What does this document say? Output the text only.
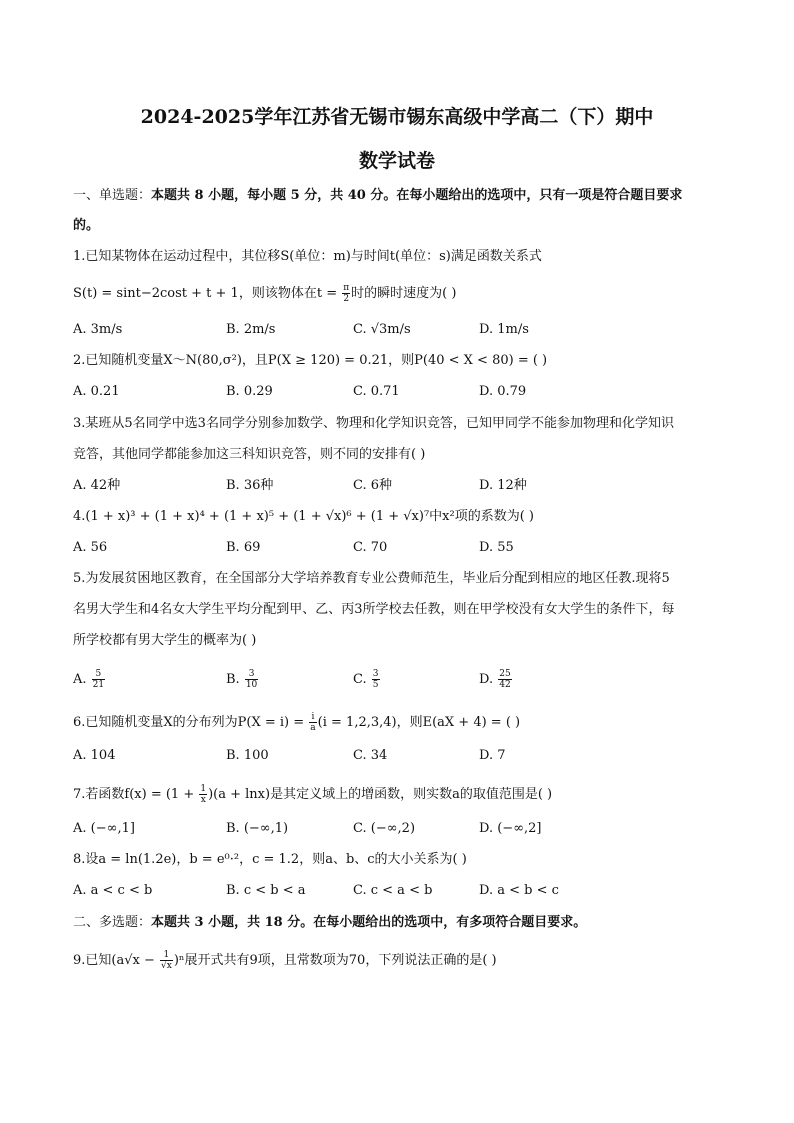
2024-2025学年江苏省无锡市锡东高级中学高二（下）期中
数学试卷
一、单选题：本题共 8 小题，每小题 5 分，共 40 分。在每小题给出的选项中，只有一项是符合题目要求
的。
1.已知某物体在运动过程中，其位移S(单位：m)与时间t(单位：s)满足函数关系式
S(t) = sint−2cost + t + 1，则该物体在$t = \frac{\pi}{2}$ 时的瞬时速度为( )
A. 3m/s	B. 2m/s	C. √3m/s	D. 1m/s
2.已知随机变量X～N(80,σ²)，且P(X ≥ 120) = 0.21，则P(40 < X < 80) = ( )
A. 0.21	B. 0.29	C. 0.71	D. 0.79
3.某班从5名同学中选3名同学分别参加数学、物理和化学知识竞答，已知甲同学不能参加物理和化学知识
竞答，其他同学都能参加这三科知识竞答，则不同的安排有( )
A. 42种	B. 36种	C. 6种	D. 12种
4.(1 + x)³ + (1 + x)⁴ + (1 + x)⁵ + (1 + √x)⁶ + (1 + √x)⁷中x²项的系数为( )
A. 56	B. 69	C. 70	D. 55
5.为发展贫困地区教育，在全国部分大学培养教育专业公费师范生，毕业后分配到相应的地区任教.现将5
名男大学生和4名女大学生平均分配到甲、乙、丙3所学校去任教，则在甲学校没有女大学生的条件下，每
所学校都有男大学生的概率为( )
A. $\frac{5}{21}$	B. $\frac{3}{10}$	C. $\frac{3}{5}$	D. $\frac{25}{42}$
6.已知随机变量X的分布列为$P(X = i) = \frac{i}{a} (i = 1,2,3,4)$，则E(aX + 4) = ( )
A. 104	B. 100	C. 34	D. 7
7.若函数$f(x) = (1 + \frac{1}{x} )(a + \ln x)$是其定义域上的增函数，则实数a的取值范围是( )
A. (−∞,1]	B. (−∞,1)	C. (−∞,2)	D. (−∞,2]
8.设a = ln(1.2e)，b = e⁰·²，c = 1.2，则a、b、c的大小关系为( )
A. a < c < b	B. c < b < a	C. c < a < b	D. a < b < c
二、多选题：本题共 3 小题，共 18 分。在每小题给出的选项中，有多项符合题目要求。
9.已知$(a√x - \frac{1}{√x} )^n$展开式共有9项，且常数项为70，下列说法正确的是( )
